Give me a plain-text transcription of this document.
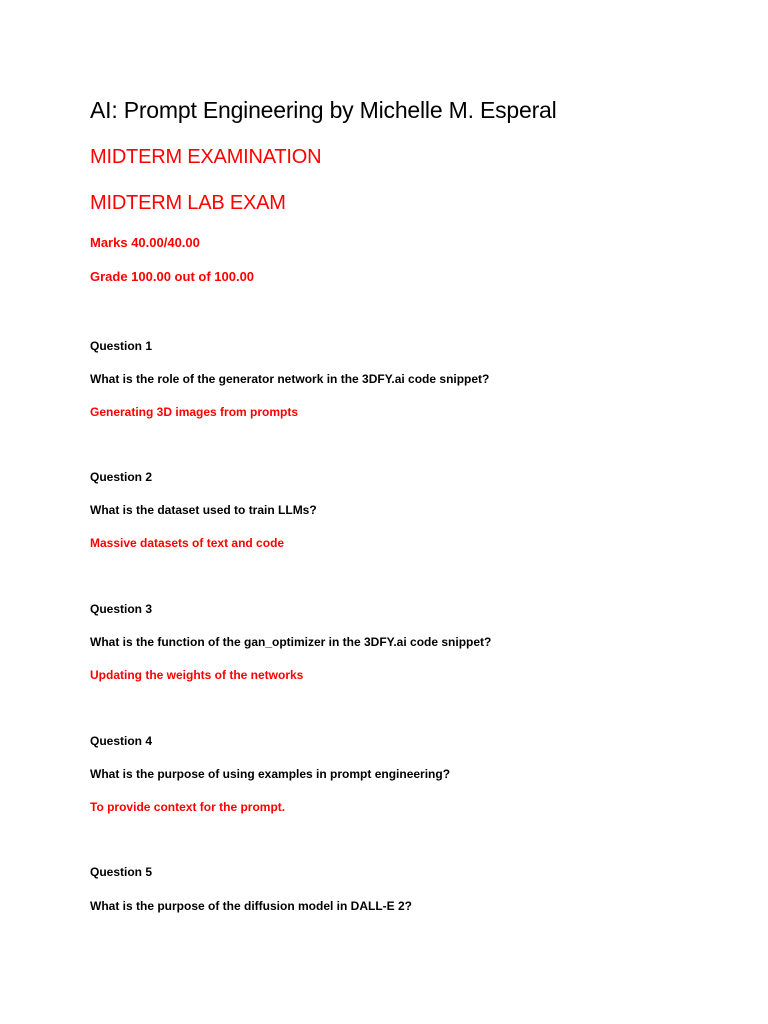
AI: Prompt Engineering by Michelle M. Esperal
MIDTERM EXAMINATION
MIDTERM LAB EXAM
Marks 40.00/40.00
Grade 100.00 out of 100.00
Question 1
What is the role of the generator network in the 3DFY.ai code snippet?
Generating 3D images from prompts
Question 2
What is the dataset used to train LLMs?
Massive datasets of text and code
Question 3
What is the function of the gan_optimizer in the 3DFY.ai code snippet?
Updating the weights of the networks
Question 4
What is the purpose of using examples in prompt engineering?
To provide context for the prompt.
Question 5
What is the purpose of the diffusion model in DALL-E 2?
